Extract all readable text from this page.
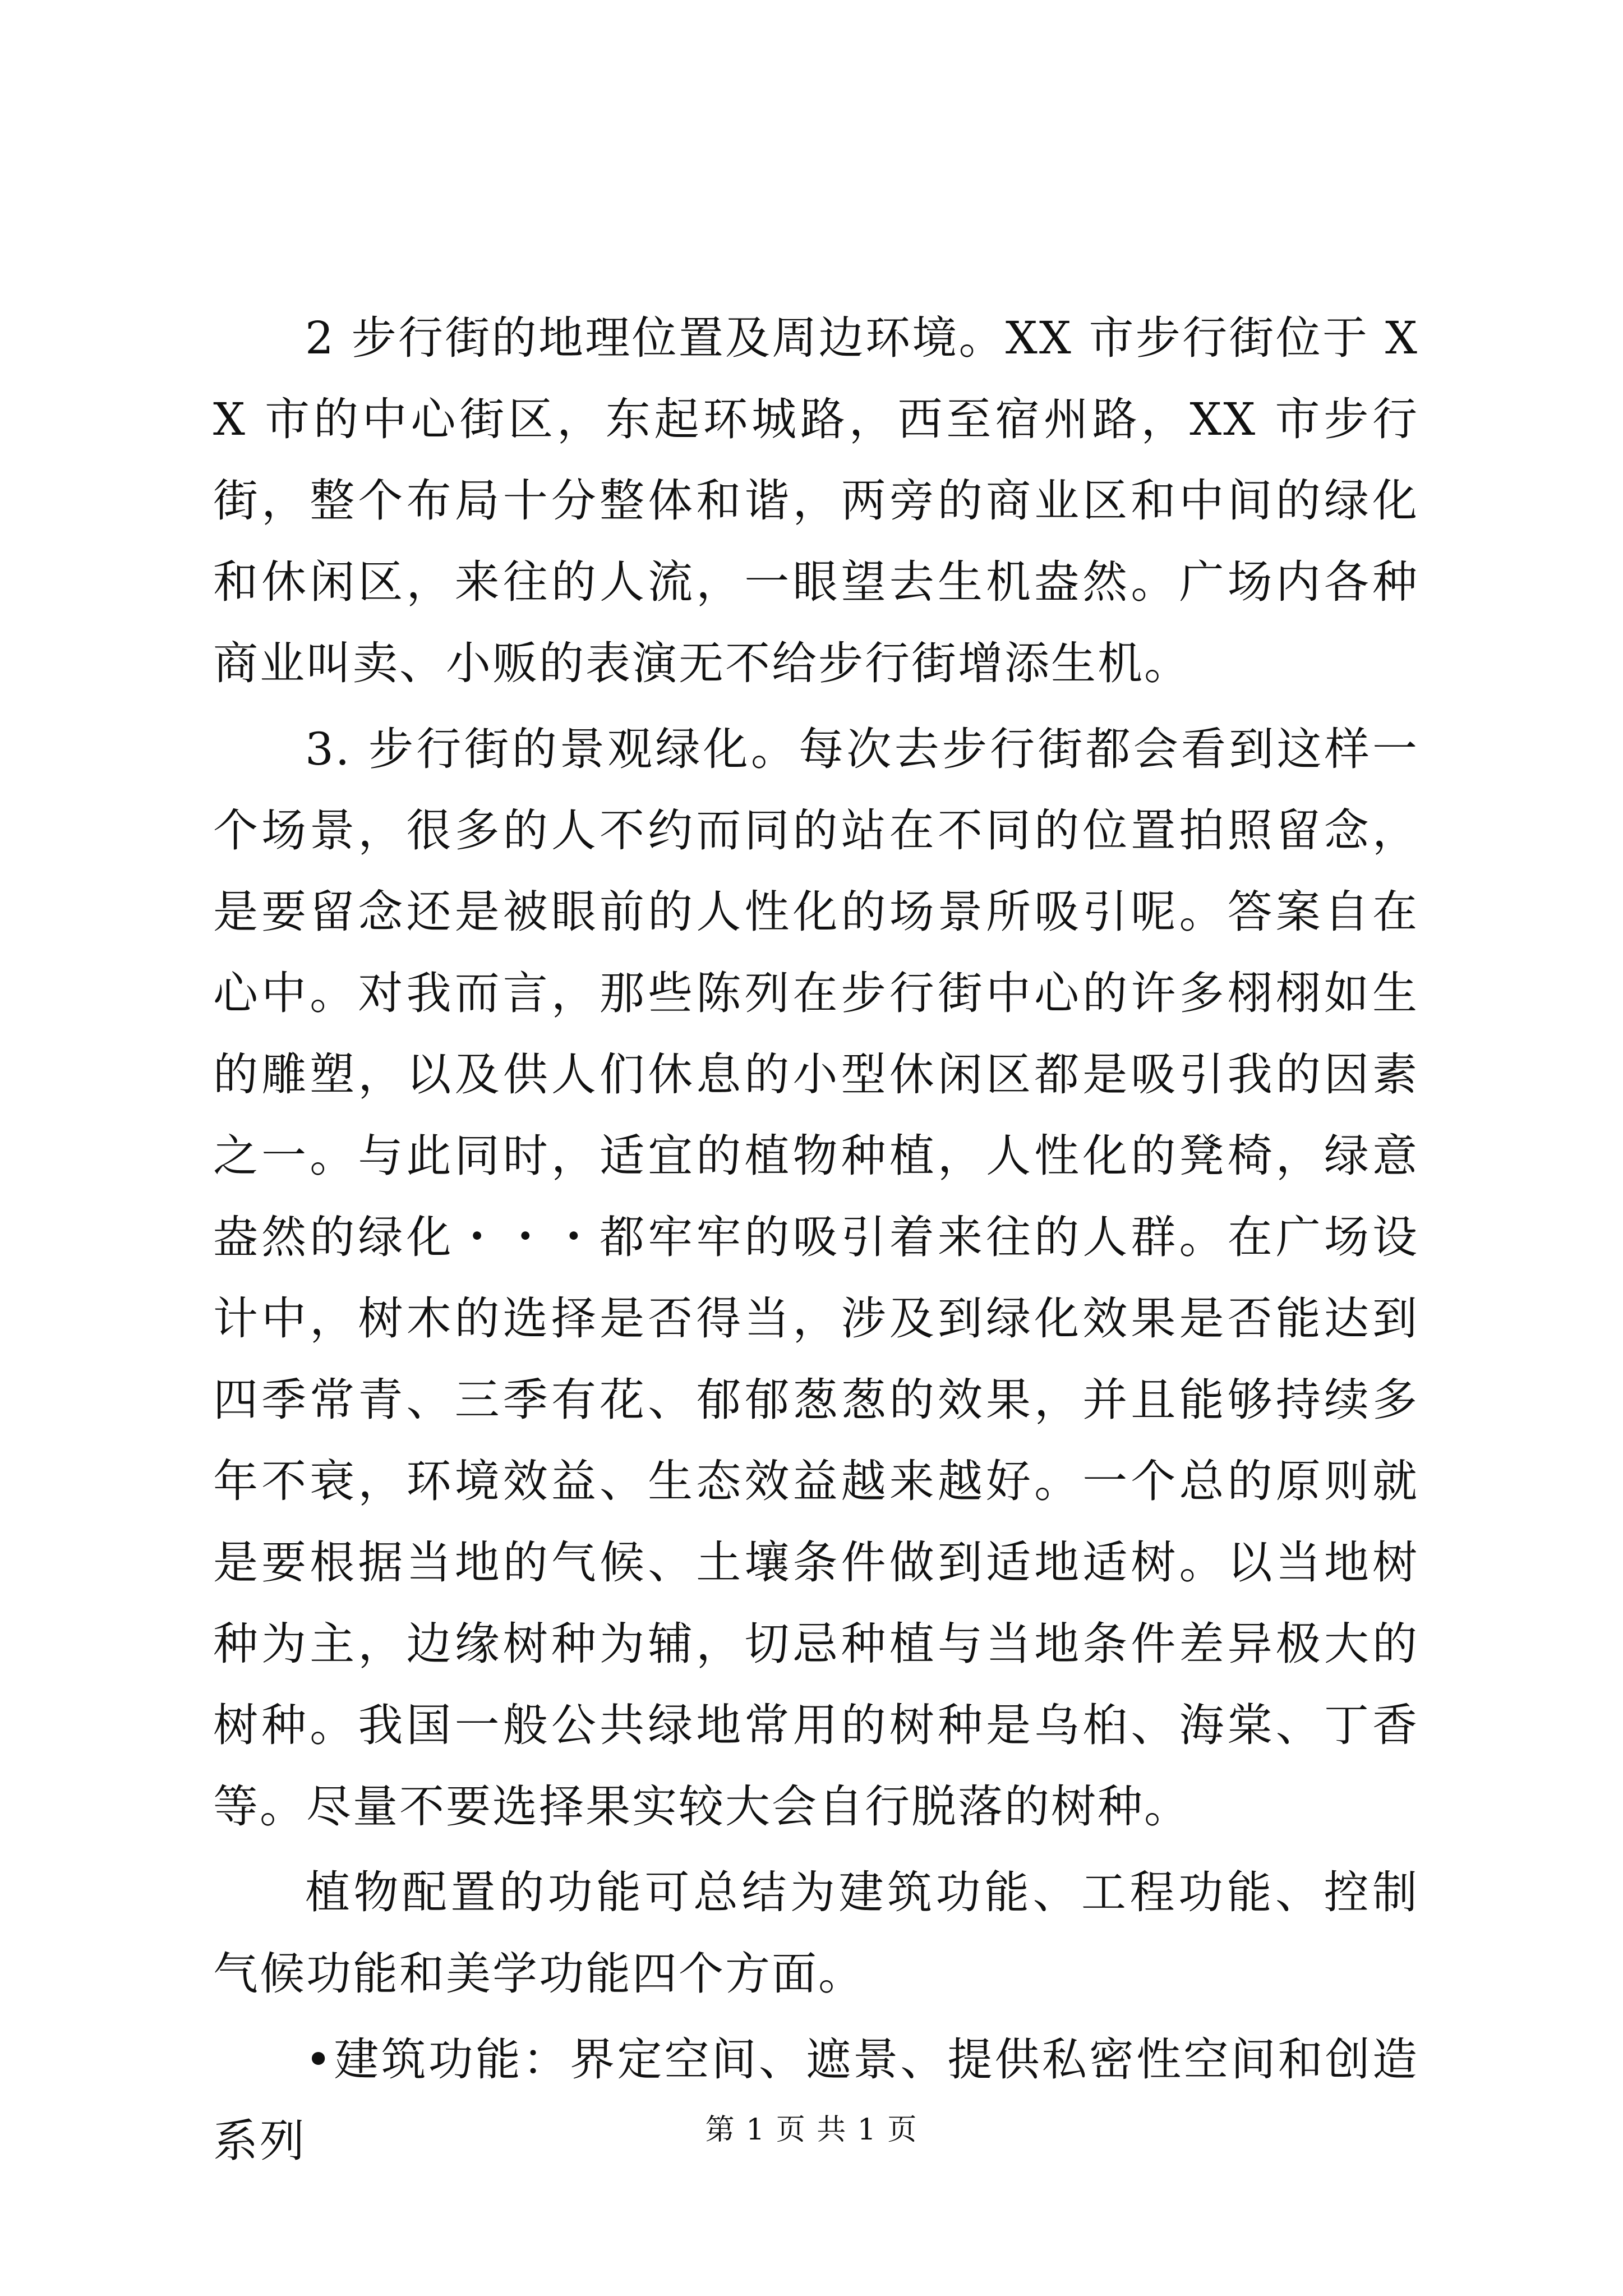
2 步行街的地理位置及周边环境。XX 市步行街位于 XX 市的中心街区，东起环城路，西至宿州路，XX 市步行街，整个布局十分整体和谐，两旁的商业区和中间的绿化和休闲区，来往的人流，一眼望去生机盎然。广场内各种商业叫卖、小贩的表演无不给步行街增添生机。

3. 步行街的景观绿化。每次去步行街都会看到这样一个场景，很多的人不约而同的站在不同的位置拍照留念，是要留念还是被眼前的人性化的场景所吸引呢。答案自在心中。对我而言，那些陈列在步行街中心的许多栩栩如生的雕塑，以及供人们休息的小型休闲区都是吸引我的因素之一。与此同时，适宜的植物种植，人性化的凳椅，绿意盎然的绿化・・・都牢牢的吸引着来往的人群。在广场设计中，树木的选择是否得当，涉及到绿化效果是否能达到四季常青、三季有花、郁郁葱葱的效果，并且能够持续多年不衰，环境效益、生态效益越来越好。一个总的原则就是要根据当地的气候、土壤条件做到适地适树。以当地树种为主，边缘树种为辅，切忌种植与当地条件差异极大的树种。我国一般公共绿地常用的树种是乌桕、海棠、丁香等。尽量不要选择果实较大会自行脱落的树种。

植物配置的功能可总结为建筑功能、工程功能、控制气候功能和美学功能四个方面。

•建筑功能：界定空间、遮景、提供私密性空间和创造系列	第 1 页 共 1 页
